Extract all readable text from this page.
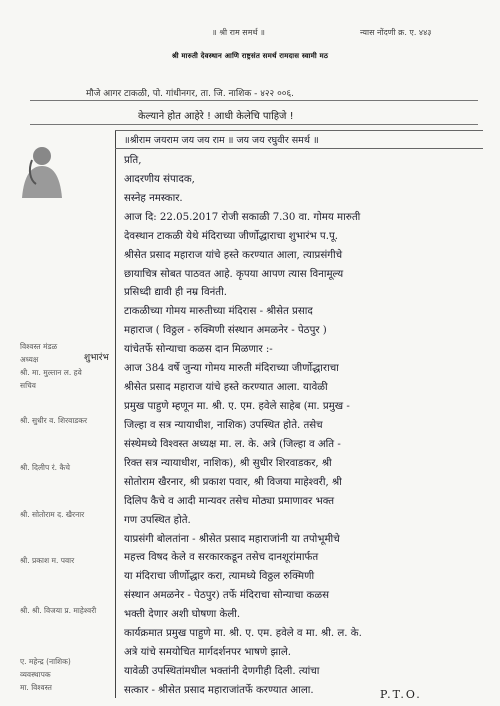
॥ श्री राम समर्थ ॥	न्यास नोंदणी क्र. ए. ४४३
श्री मारुती देवस्थान आणि राष्ट्रसंत समर्थ रामदास स्वामी मठ
मौजे आगर टाकळी, पो. गांधीनगर, ता. जि. नाशिक - ४२२ ००६.
केल्याने होत आहेरे ! आधी केलेचि पाहिजे !
विश्वस्त मंडळ
अध्यक्ष
श्री. मा. मुल्तान ल. हवे
सचिव
श्री. सुधीर व. शिरवाडकर
श्री. दिलीप रं. कैचे
श्री. सोतोराम द. खैरनार
श्री. प्रकाश म. पवार
श्री. श्री. विजया प्र. माहेश्वरी
ए. महेन्द्र (नाशिक)
व्यवस्थापक
मा. विश्वस्त
शुभारंभ
॥श्रीराम जयराम जय जय राम ॥ जय जय रघुवीर समर्थ ॥
प्रति,
आदरणीय संपादक,
सस्नेह नमस्कार.
आज दि: 22.05.2017 रोजी सकाळी 7.30 वा. गोमय मारुती
देवस्थान टाकळी येथे मंदिराच्या जीर्णोद्धाराचा शुभारंभ प.पू.
श्रीसेत प्रसाद महाराज यांचे हस्ते करण्यात आला, त्याप्रसंगीचे
छायाचित्र सोबत पाठवत आहे. कृपया आपण त्यास विनामूल्य
प्रसिध्दी द्यावी ही नम्र विनंती.
टाकळीच्या गोमय मारुतीच्या मंदिरास - श्रीसेत प्रसाद
महाराज ( विठ्ठल - रुक्मिणी संस्थान अमळनेर - पेठपुर )
यांचेतर्फे सोन्याचा कळस दान मिळणार :-
आज 384 वर्षे जुन्या गोमय मारुती मंदिराच्या जीर्णोद्धाराचा
श्रीसेत प्रसाद महाराज यांचे हस्ते करण्यात आला. यावेळी
प्रमुख पाहुणे म्हणून मा. श्री. ए. एम. हवेले साहेब (मा. प्रमुख -
जिल्हा व सत्र न्यायाधीश, नाशिक) उपस्थित होते. तसेच
संस्थेमध्ये विश्वस्त अध्यक्ष मा. ल. के. अत्रे (जिल्हा व अति -
रिक्त सत्र न्यायाधीश, नाशिक), श्री सुधीर शिरवाडकर, श्री
सोतोराम खैरनार, श्री प्रकाश पवार, श्री विजया माहेश्वरी, श्री
दिलिप कैचे व आदी मान्यवर तसेच मोठ्या प्रमाणावर भक्त
गण उपस्थित होते.
याप्रसंगी बोलतांना - श्रीसेत प्रसाद महाराजांनी या तपोभूमीचे
महत्त्व विषद केले व सरकारकडून तसेच दानशूरांमार्फत
या मंदिराचा जीर्णोद्धार करा, त्यामध्ये विठ्ठल रुक्मिणी
संस्थान अमळनेर - पेठपुर) तर्फे मंदिराचा सोन्याचा कळस
भक्ती देणार अशी घोषणा केली.
कार्यक्रमात प्रमुख पाहुणे मा. श्री. ए. एम. हवेले व मा. श्री. ल. के.
अत्रे यांचे समयोचित मार्गदर्शनपर भाषणे झाले.
यावेळी उपस्थितांमधील भक्तांनी देणगीही दिली. त्यांचा
सत्कार - श्रीसेत प्रसाद महाराजांतर्फे करण्यात आला.	P.T.O.
